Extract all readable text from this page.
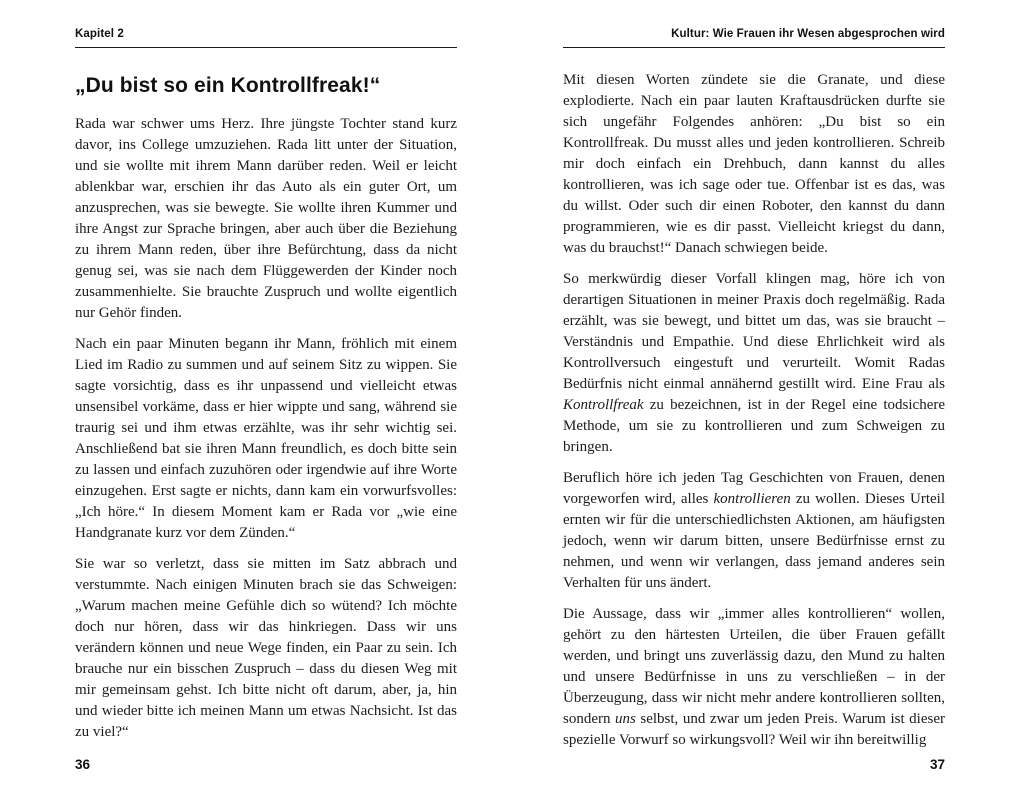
Kapitel 2
„Du bist so ein Kontrollfreak!“

Rada war schwer ums Herz. Ihre jüngste Tochter stand kurz davor, ins College umzuziehen. Rada litt unter der Situation, und sie wollte mit ihrem Mann darüber reden. Weil er leicht ablenkbar war, erschien ihr das Auto als ein guter Ort, um anzusprechen, was sie bewegte. Sie wollte ihren Kummer und ihre Angst zur Sprache bringen, aber auch über die Beziehung zu ihrem Mann reden, über ihre Befürchtung, dass da nicht genug sei, was sie nach dem Flüggewerden der Kinder noch zusammenhielte. Sie brauchte Zuspruch und wollte eigentlich nur Gehör finden.

Nach ein paar Minuten begann ihr Mann, fröhlich mit einem Lied im Radio zu summen und auf seinem Sitz zu wippen. Sie sagte vorsichtig, dass es ihr unpassend und vielleicht etwas unsensibel vorkäme, dass er hier wippte und sang, während sie traurig sei und ihm etwas erzählte, was ihr sehr wichtig sei. Anschließend bat sie ihren Mann freundlich, es doch bitte sein zu lassen und einfach zuzuhören oder irgendwie auf ihre Worte einzugehen. Erst sagte er nichts, dann kam ein vorwurfsvolles: „Ich höre.“ In diesem Moment kam er Rada vor „wie eine Handgranate kurz vor dem Zünden.“

Sie war so verletzt, dass sie mitten im Satz abbrach und verstummte. Nach einigen Minuten brach sie das Schweigen: „Warum machen meine Gefühle dich so wütend? Ich möchte doch nur hören, dass wir das hinkriegen. Dass wir uns verändern können und neue Wege finden, ein Paar zu sein. Ich brauche nur ein bisschen Zuspruch – dass du diesen Weg mit mir gemeinsam gehst. Ich bitte nicht oft darum, aber, ja, hin und wieder bitte ich meinen Mann um etwas Nachsicht. Ist das zu viel?“

36
Kultur: Wie Frauen ihr Wesen abgesprochen wird

Mit diesen Worten zündete sie die Granate, und diese explodierte. Nach ein paar lauten Kraftausdrücken durfte sie sich ungefähr Folgendes anhören: „Du bist so ein Kontrollfreak. Du musst alles und jeden kontrollieren. Schreib mir doch einfach ein Drehbuch, dann kannst du alles kontrollieren, was ich sage oder tue. Offenbar ist es das, was du willst. Oder such dir einen Roboter, den kannst du dann programmieren, wie es dir passt. Vielleicht kriegst du dann, was du brauchst!“ Danach schwiegen beide.

So merkwürdig dieser Vorfall klingen mag, höre ich von derartigen Situationen in meiner Praxis doch regelmäßig. Rada erzählt, was sie bewegt, und bittet um das, was sie braucht – Verständnis und Empathie. Und diese Ehrlichkeit wird als Kontrollversuch eingestuft und verurteilt. Womit Radas Bedürfnis nicht einmal annähernd gestillt wird. Eine Frau als Kontrollfreak zu bezeichnen, ist in der Regel eine todsichere Methode, um sie zu kontrollieren und zum Schweigen zu bringen.

Beruflich höre ich jeden Tag Geschichten von Frauen, denen vorgeworfen wird, alles kontrollieren zu wollen. Dieses Urteil ernten wir für die unterschiedlichsten Aktionen, am häufigsten jedoch, wenn wir darum bitten, unsere Bedürfnisse ernst zu nehmen, und wenn wir verlangen, dass jemand anderes sein Verhalten für uns ändert.

Die Aussage, dass wir „immer alles kontrollieren“ wollen, gehört zu den härtesten Urteilen, die über Frauen gefällt werden, und bringt uns zuverlässig dazu, den Mund zu halten und unsere Bedürfnisse in uns zu verschließen – in der Überzeugung, dass wir nicht mehr andere kontrollieren sollten, sondern uns selbst, und zwar um jeden Preis. Warum ist dieser spezielle Vorwurf so wirkungsvoll? Weil wir ihn bereitwillig

37
